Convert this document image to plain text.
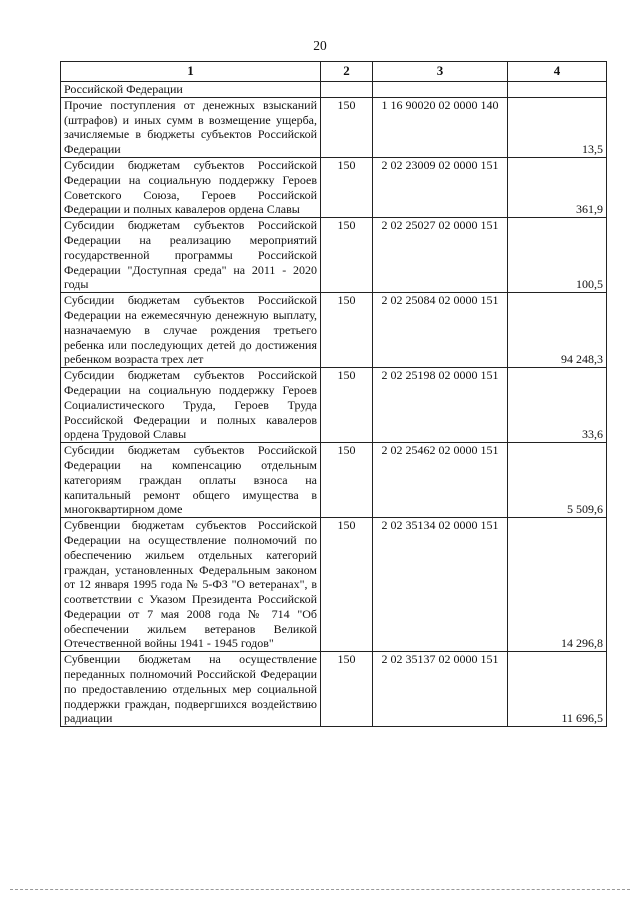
20
1	2	3	4
Российской Федерации			
Прочие поступления от денежных взысканий (штрафов) и иных сумм в возмещение ущерба, зачисляемые в бюджеты субъектов Российской Федерации	150	1 16 90020 02 0000 140	13,5
Субсидии бюджетам субъектов Российской Федерации на социальную поддержку Героев Советского Союза, Героев Российской Федерации и полных кавалеров ордена Славы	150	2 02 23009 02 0000 151	361,9
Субсидии бюджетам субъектов Российской Федерации на реализацию мероприятий государственной программы Российской Федерации "Доступная среда" на 2011 - 2020 годы	150	2 02 25027 02 0000 151	100,5
Субсидии бюджетам субъектов Российской Федерации на ежемесячную денежную выплату, назначаемую в случае рождения третьего ребенка или последующих детей до достижения ребенком возраста трех лет	150	2 02 25084 02 0000 151	94 248,3
Субсидии бюджетам субъектов Российской Федерации на социальную поддержку Героев Социалистического Труда, Героев Труда Российской Федерации и полных кавалеров ордена Трудовой Славы	150	2 02 25198 02 0000 151	33,6
Субсидии бюджетам субъектов Российской Федерации на компенсацию отдельным категориям граждан оплаты взноса на капитальный ремонт общего имущества в многоквартирном доме	150	2 02 25462 02 0000 151	5 509,6
Субвенции бюджетам субъектов Российской Федерации на осуществление полномочий по обеспечению жильем отдельных категорий граждан, установленных Федеральным законом от 12 января 1995 года № 5-ФЗ "О ветеранах", в соответствии с Указом Президента Российской Федерации от 7 мая 2008 года № 714 "Об обеспечении жильем ветеранов Великой Отечественной войны 1941 - 1945 годов"	150	2 02 35134 02 0000 151	14 296,8
Субвенции бюджетам на осуществление переданных полномочий Российской Федерации по предоставлению отдельных мер социальной поддержки граждан, подвергшихся воздействию радиации	150	2 02 35137 02 0000 151	11 696,5
